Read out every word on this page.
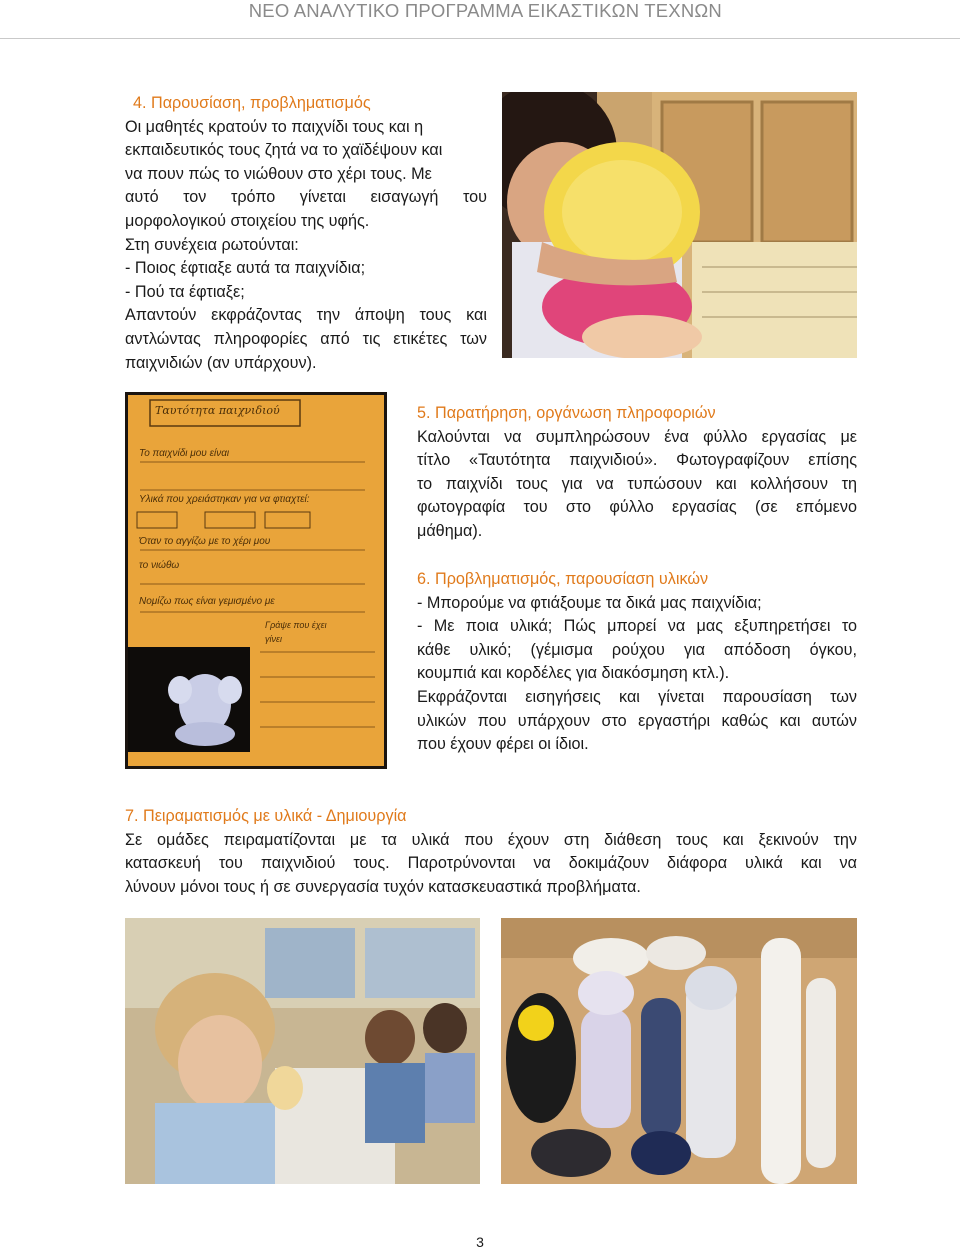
ΝΕΟ ΑΝΑΛΥΤΙΚΟ ΠΡΟΓΡΑΜΜΑ ΕΙΚΑΣΤΙΚΩΝ ΤΕΧΝΩΝ

4. Παρουσίαση, προβληματισμός

Οι μαθητές κρατούν το παιχνίδι τους και η

εκπαιδευτικός τους ζητά να το χαϊδέψουν και

να πουν πώς το νιώθουν στο χέρι τους. Με

αυτό τον τρόπο γίνεται εισαγωγή του

μορφολογικού στοιχείου της υφής.

Στη συνέχεια ρωτούνται:

- Ποιος έφτιαξε αυτά τα παιχνίδια;

- Πού τα έφτιαξε;

Απαντούν εκφράζοντας την άποψη τους και

αντλώντας πληροφορίες από τις ετικέτες των

παιχνιδιών (αν υπάρχουν).

Ταυτότητα παιχνιδιού
Το παιχνίδι μου είναι
Υλικά που χρειάστηκαν για να φτιαχτεί:
Όταν το αγγίζω με το χέρι μου
το νιώθω
Νομίζω πως είναι γεμισμένο με
Γράψε που έχει
γίνει

5. Παρατήρηση, οργάνωση πληροφοριών

Καλούνται να συμπληρώσουν ένα φύλλο εργασίας με

τίτλο «Ταυτότητα παιχνιδιού». Φωτογραφίζουν επίσης

το παιχνίδι τους για να τυπώσουν και κολλήσουν τη

φωτογραφία του στο φύλλο εργασίας (σε επόμενο

μάθημα).

6. Προβληματισμός, παρουσίαση υλικών

- Μπορούμε να φτιάξουμε τα δικά μας παιχνίδια;

- Με ποια υλικά; Πώς μπορεί να μας εξυπηρετήσει το

κάθε υλικό; (γέμισμα ρούχου για απόδοση όγκου,

κουμπιά και κορδέλες για διακόσμηση κτλ.).

Εκφράζονται εισηγήσεις και γίνεται παρουσίαση των

υλικών που υπάρχουν στο εργαστήρι καθώς και αυτών

που έχουν φέρει οι ίδιοι.

7. Πειραματισμός με υλικά - Δημιουργία

Σε ομάδες πειραματίζονται με τα υλικά που έχουν στη διάθεση τους και ξεκινούν την

κατασκευή του παιχνιδιού τους. Παροτρύνονται να δοκιμάζουν διάφορα υλικά και να

λύνουν μόνοι τους ή σε συνεργασία τυχόν κατασκευαστικά προβλήματα.

3
